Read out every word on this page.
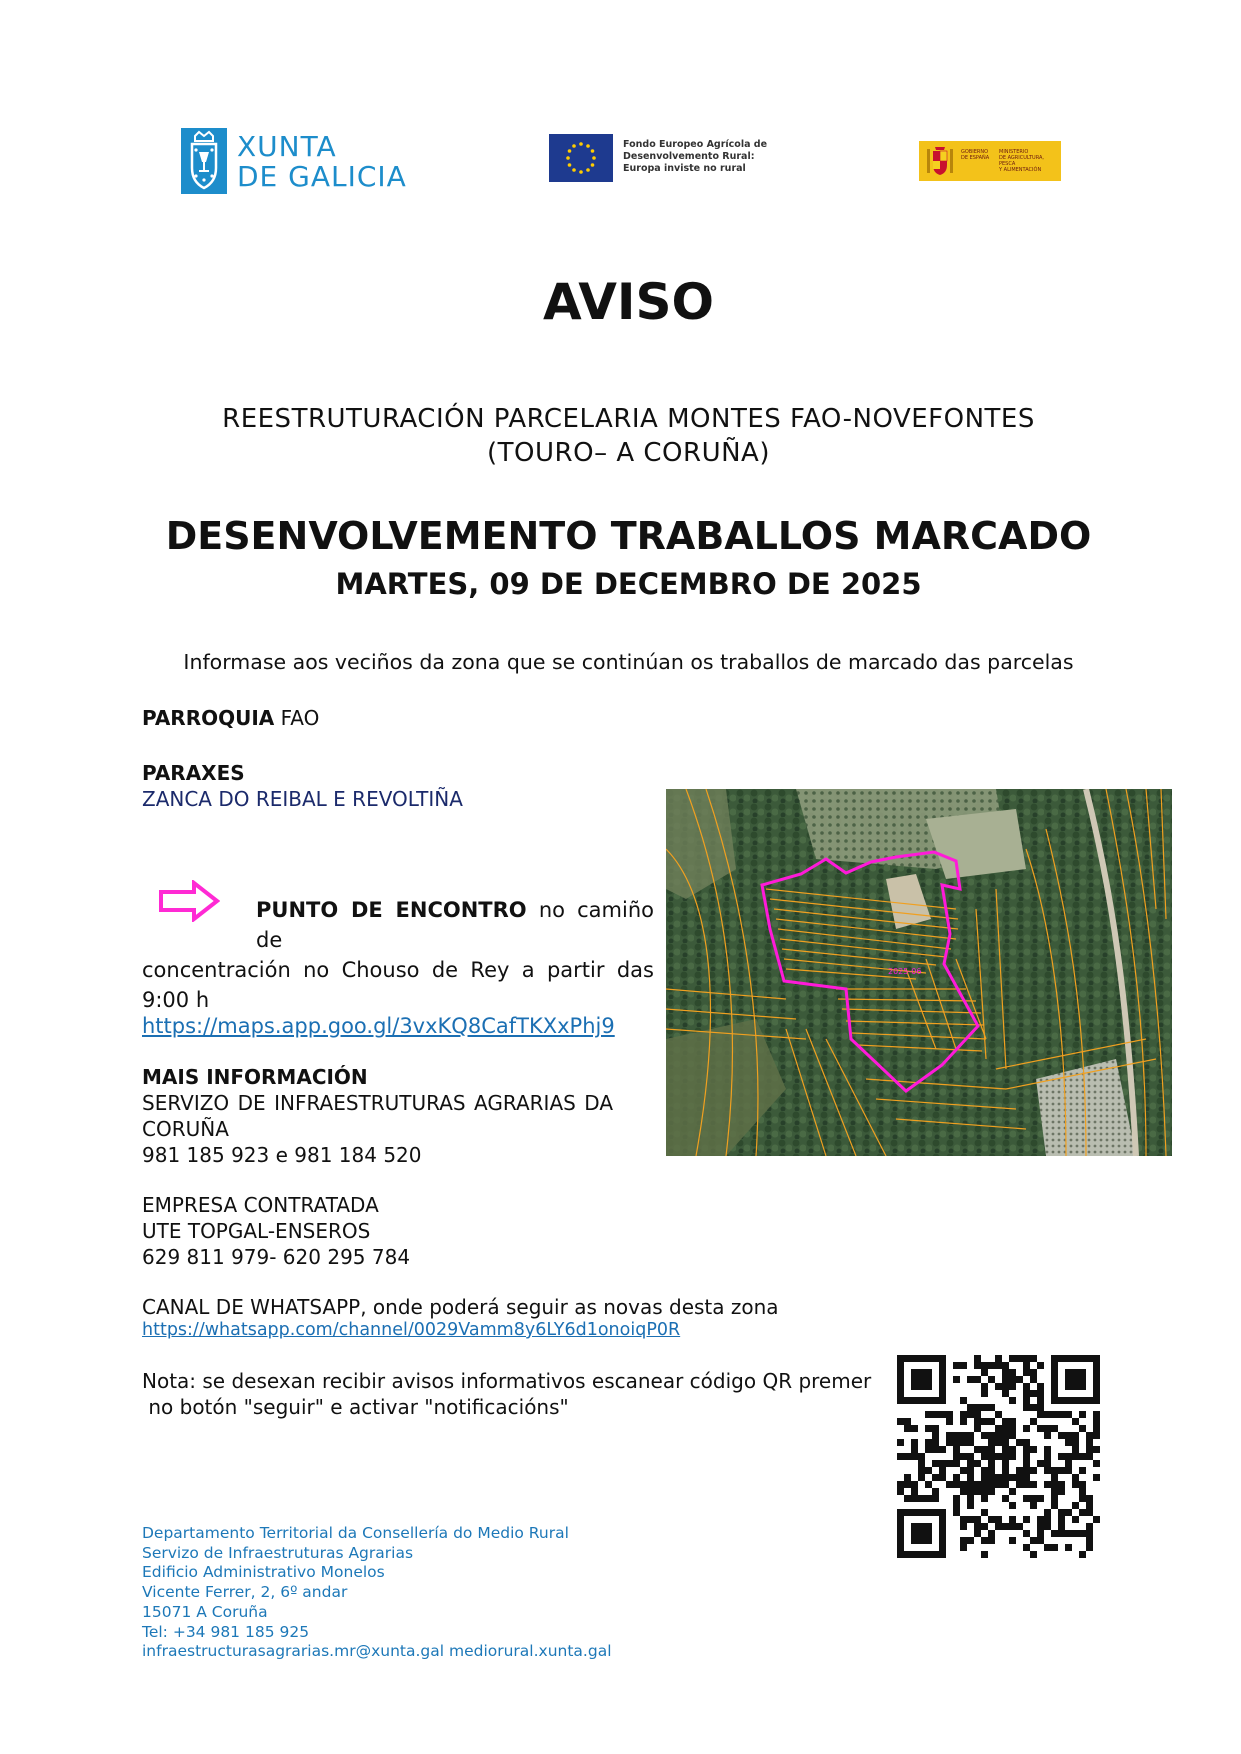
XUNTA
DE GALICIA
Fondo Europeo Agrícola de
Desenvolvemento Rural:
Europa inviste no rural
GOBIERNO
DE ESPAÑA
MINISTERIO
DE AGRICULTURA, PESCA
Y ALIMENTACIÓN
AVISO
REESTRUTURACIÓN PARCELARIA MONTES FAO-NOVEFONTES
(TOURO– A CORUÑA)
DESENVOLVEMENTO TRABALLOS MARCADO
MARTES, 09 DE DECEMBRO DE 2025
Informase aos veciños da zona que se continúan os traballos de marcado das parcelas
PARROQUIA FAO
PARAXES
ZANCA DO REIBAL E REVOLTIÑA
PUNTO DE ENCONTRO no camiño de
concentración no Chouso de Rey a partir das
9:00 h
https://maps.app.goo.gl/3vxKQ8CafTKXxPhj9
MAIS INFORMACIÓN
SERVIZO DE INFRAESTRUTURAS AGRARIAS DA
CORUÑA
981 185 923 e 981 184 520
EMPRESA CONTRATADA
UTE TOPGAL-ENSEROS
629 811 979- 620 295 784
CANAL DE WHATSAPP, onde poderá seguir as novas desta zona
https://whatsapp.com/channel/0029Vamm8y6LY6d1onoiqP0R
Nota: se desexan recibir avisos informativos escanear código QR premer
no botón "seguir" e activar "notificacións"
2025-06
Departamento Territorial da Consellería do Medio Rural
Servizo de Infraestruturas Agrarias
Edificio Administrativo Monelos
Vicente Ferrer, 2, 6º andar
15071 A Coruña
Tel: +34 981 185 925
infraestructurasagrarias.mr@xunta.gal mediorural.xunta.gal
